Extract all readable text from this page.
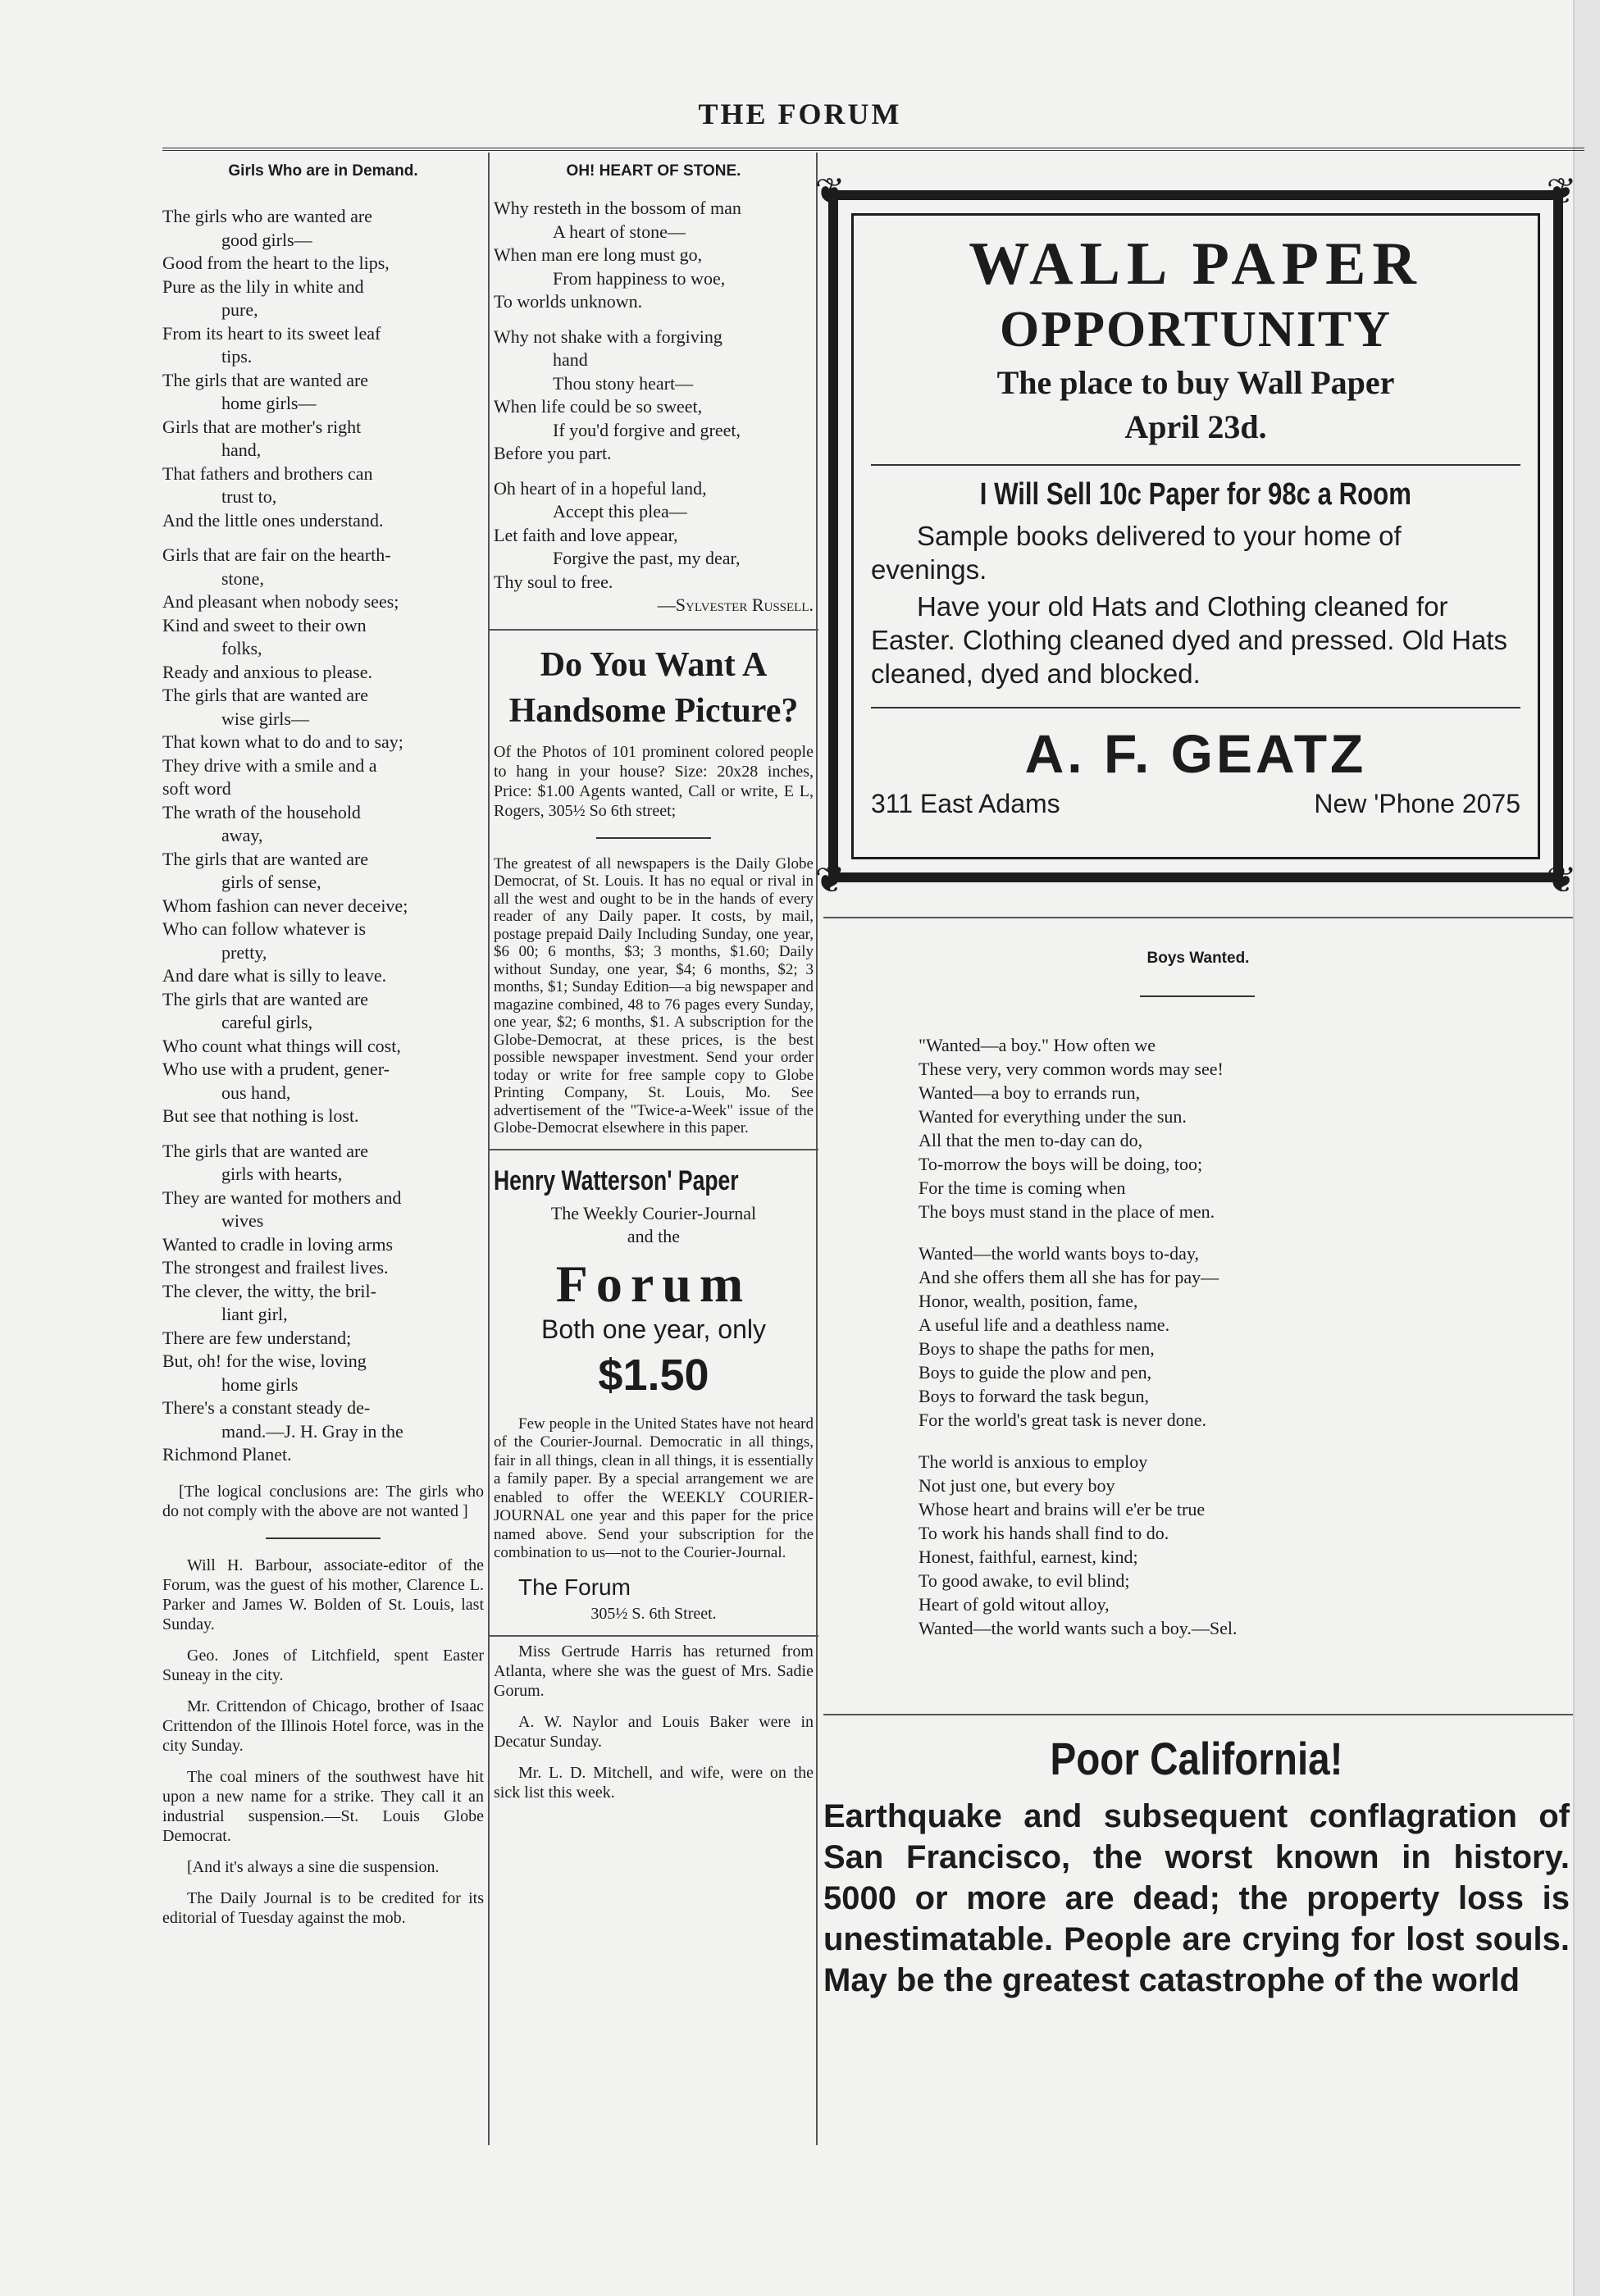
THE FORUM
Girls Who are in Demand.

The girls who are wanted are

good girls—

Good from the heart to the lips,

Pure as the lily in white and

pure,

From its heart to its sweet leaf

tips.

The girls that are wanted are

home girls—

Girls that are mother's right

hand,

That fathers and brothers can

trust to,

And the little ones understand.

Girls that are fair on the hearth-

stone,

And pleasant when nobody sees;

Kind and sweet to their own

folks,

Ready and anxious to please.

The girls that are wanted are

wise girls—

That kown what to do and to say;

They drive with a smile and a

soft word

The wrath of the household

away,

The girls that are wanted are

girls of sense,

Whom fashion can never deceive;

Who can follow whatever is

pretty,

And dare what is silly to leave.

The girls that are wanted are

careful girls,

Who count what things will cost,

Who use with a prudent, gener-

ous hand,

But see that nothing is lost.

The girls that are wanted are

girls with hearts,

They are wanted for mothers and

wives

Wanted to cradle in loving arms

The strongest and frailest lives.

The clever, the witty, the bril-

liant girl,

There are few understand;

But, oh! for the wise, loving

home girls

There's a constant steady de-

mand.—J. H. Gray in the

Richmond Planet.

[The logical conclusions are: The girls who do not comply with the above are not wanted ]

Will H. Barbour, associate-editor of the Forum, was the guest of his mother, Clarence L. Parker and James W. Bolden of St. Louis, last Sunday.

Geo. Jones of Litchfield, spent Easter Suneay in the city.

Mr. Crittendon of Chicago, brother of Isaac Crittendon of the Illinois Hotel force, was in the city Sunday.

The coal miners of the southwest have hit upon a new name for a strike. They call it an industrial suspension.—St. Louis Globe Democrat.

[And it's always a sine die suspension.

The Daily Journal is to be credited for its editorial of Tuesday against the mob.

OH! HEART OF STONE.

Why resteth in the bossom of man

A heart of stone—

When man ere long must go,

From happiness to woe,

To worlds unknown.

Why not shake with a forgiving

hand

Thou stony heart—

When life could be so sweet,

If you'd forgive and greet,

Before you part.

Oh heart of in a hopeful land,

Accept this plea—

Let faith and love appear,

Forgive the past, my dear,

Thy soul to free.

—Sylvester Russell.

Do You Want A Handsome Picture?

Of the Photos of 101 prominent colored people to hang in your house? Size: 20x28 inches, Price: $1.00 Agents wanted, Call or write, E L, Rogers, 305½ So 6th street;

The greatest of all newspapers is the Daily Globe Democrat, of St. Louis. It has no equal or rival in all the west and ought to be in the hands of every reader of any Daily paper. It costs, by mail, postage prepaid Daily Including Sunday, one year, $6 00; 6 months, $3; 3 months, $1.60; Daily without Sunday, one year, $4; 6 months, $2; 3 months, $1; Sunday Edition—a big newspaper and magazine combined, 48 to 76 pages every Sunday, one year, $2; 6 months, $1. A subscription for the Globe-Democrat, at these prices, is the best possible newspaper investment. Send your order today or write for free sample copy to Globe Printing Company, St. Louis, Mo. See advertisement of the "Twice-a-Week" issue of the Globe-Democrat elsewhere in this paper.

Henry Watterson' Paper

The Weekly Courier-Journal

and the

Forum

Both one year, only

$1.50

Few people in the United States have not heard of the Courier-Journal. Democratic in all things, fair in all things, clean in all things, it is essentially a family paper. By a special arrangement we are enabled to offer the WEEKLY COURIER-JOURNAL one year and this paper for the price named above. Send your subscription for the combination to us—not to the Courier-Journal.

The Forum

305½ S. 6th Street.

Miss Gertrude Harris has returned from Atlanta, where she was the guest of Mrs. Sadie Gorum.

A. W. Naylor and Louis Baker were in Decatur Sunday.

Mr. L. D. Mitchell, and wife, were on the sick list this week.

❦	❦
❦	❦

WALL PAPER

OPPORTUNITY

The place to buy Wall Paper

April 23d.

I Will Sell 10c Paper for 98c a Room

Sample books delivered to your home of evenings.

Have your old Hats and Clothing cleaned for Easter. Clothing cleaned dyed and pressed. Old Hats cleaned, dyed and blocked.

A. F. GEATZ

311 East Adams	New 'Phone 2075
Boys Wanted.

"Wanted—a boy." How often we

These very, very common words may see!

Wanted—a boy to errands run,

Wanted for everything under the sun.

All that the men to-day can do,

To-morrow the boys will be doing, too;

For the time is coming when

The boys must stand in the place of men.

Wanted—the world wants boys to-day,

And she offers them all she has for pay—

Honor, wealth, position, fame,

A useful life and a deathless name.

Boys to shape the paths for men,

Boys to guide the plow and pen,

Boys to forward the task begun,

For the world's great task is never done.

The world is anxious to employ

Not just one, but every boy

Whose heart and brains will e'er be true

To work his hands shall find to do.

Honest, faithful, earnest, kind;

To good awake, to evil blind;

Heart of gold witout alloy,

Wanted—the world wants such a boy.—Sel.

Poor California!

Earthquake and subsequent conflagration of San Francisco, the worst known in history. 5000 or more are dead; the property loss is unestimatable. People are crying for lost souls. May be the greatest catastrophe of the world
